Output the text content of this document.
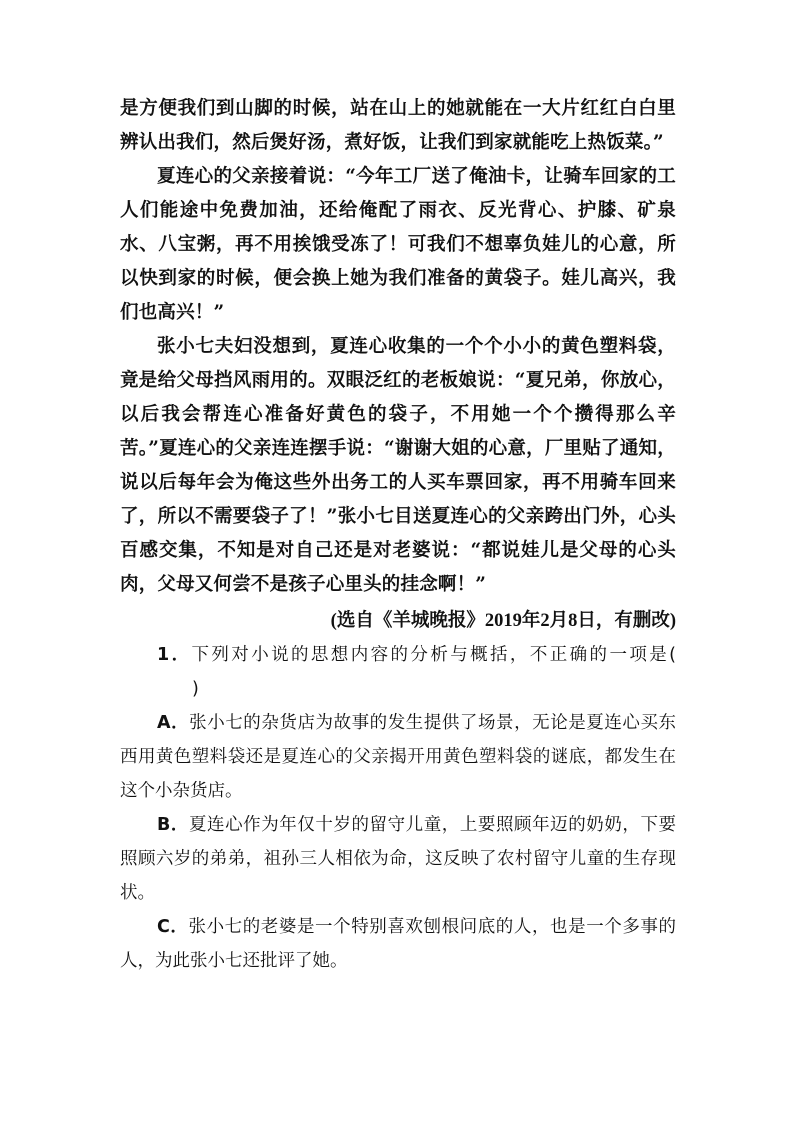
是方便我们到山脚的时候，站在山上的她就能在一大片红红白白里辨认出我们，然后煲好汤，煮好饭，让我们到家就能吃上热饭菜。”

夏连心的父亲接着说：“今年工厂送了俺油卡，让骑车回家的工人们能途中免费加油，还给俺配了雨衣、反光背心、护膝、矿泉水、八宝粥，再不用挨饿受冻了！可我们不想辜负娃儿的心意，所以快到家的时候，便会换上她为我们准备的黄袋子。娃儿高兴，我们也高兴！”

张小七夫妇没想到，夏连心收集的一个个小小的黄色塑料袋，竟是给父母挡风雨用的。双眼泛红的老板娘说：“夏兄弟，你放心，以后我会帮连心准备好黄色的袋子，不用她一个个攒得那么辛苦。”夏连心的父亲连连摆手说：“谢谢大姐的心意，厂里贴了通知，说以后每年会为俺这些外出务工的人买车票回家，再不用骑车回来了，所以不需要袋子了！”张小七目送夏连心的父亲跨出门外，心头百感交集，不知是对自己还是对老婆说：“都说娃儿是父母的心头肉，父母又何尝不是孩子心里头的挂念啊！”

(选自《羊城晚报》2019年2月8日，有删改)

1．下列对小说的思想内容的分析与概括，不正确的一项是(　　)

A．张小七的杂货店为故事的发生提供了场景，无论是夏连心买东西用黄色塑料袋还是夏连心的父亲揭开用黄色塑料袋的谜底，都发生在这个小杂货店。

B．夏连心作为年仅十岁的留守儿童，上要照顾年迈的奶奶，下要照顾六岁的弟弟，祖孙三人相依为命，这反映了农村留守儿童的生存现状。

C．张小七的老婆是一个特别喜欢刨根问底的人，也是一个多事的人，为此张小七还批评了她。
